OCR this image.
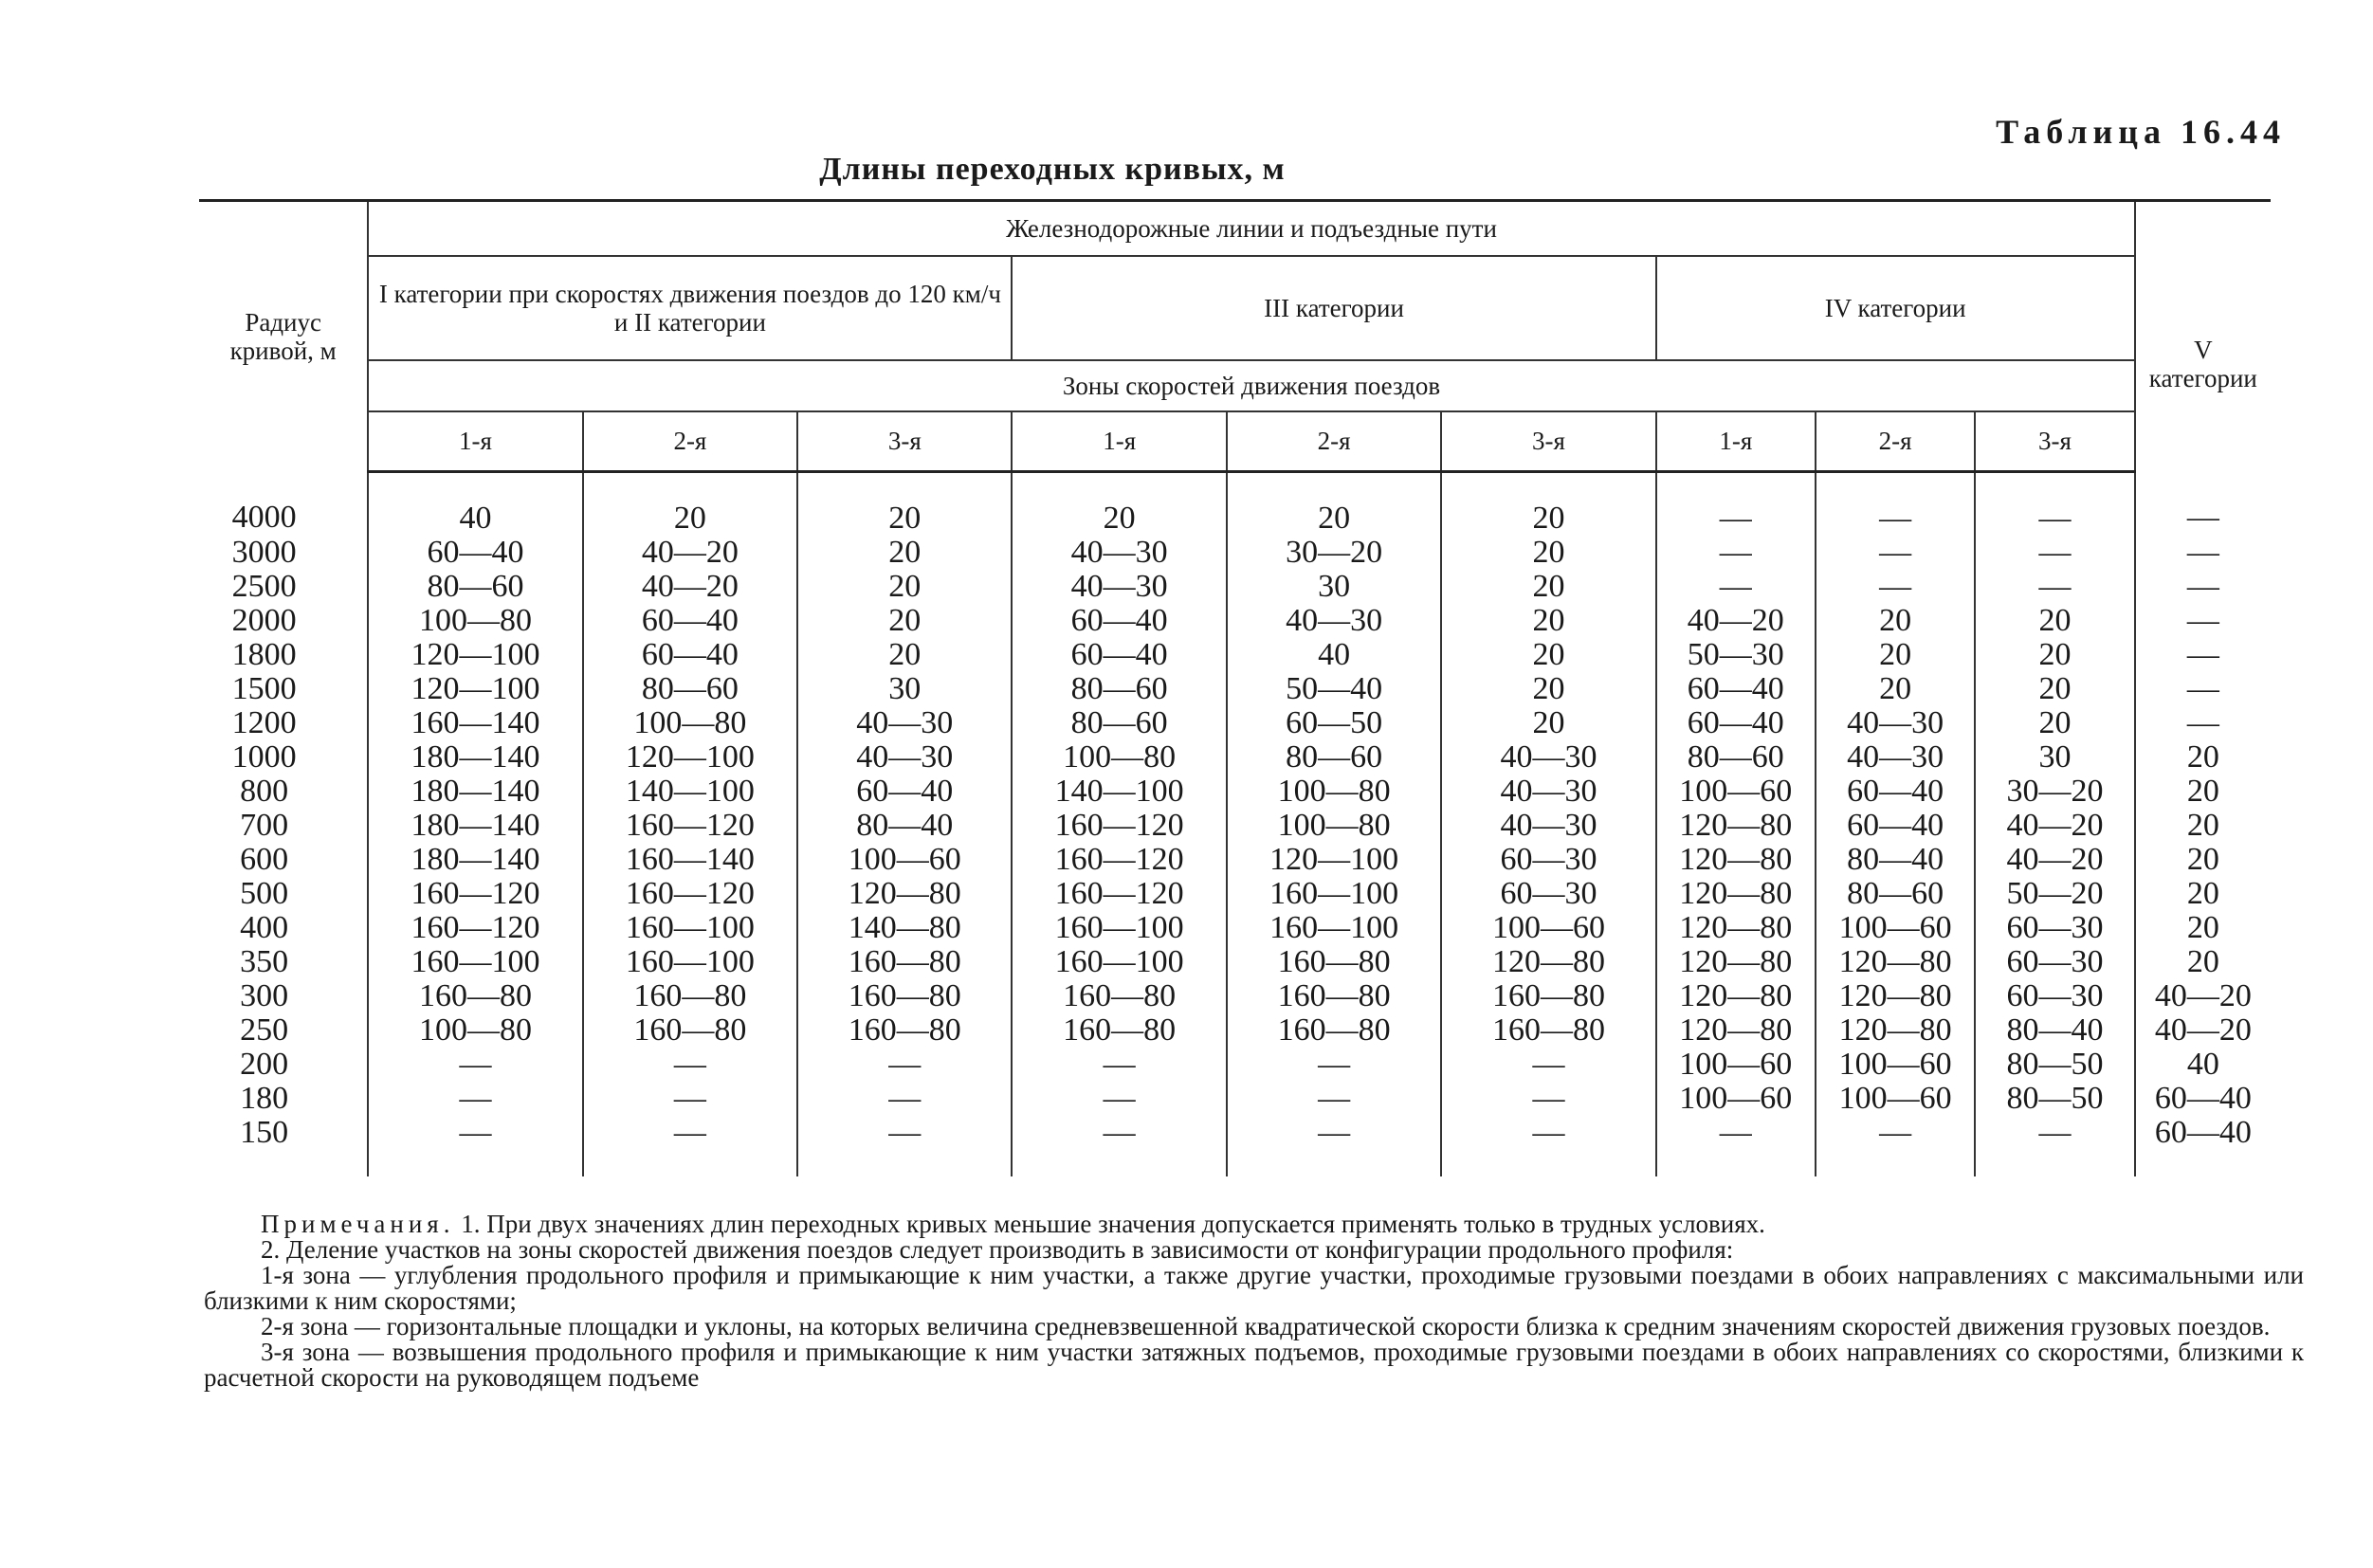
Таблица 16.44
Длины переходных кривых, м
Радиус кривой, м	Железнодорожные линии и подъездные пути									
	I категории при скоростях движения поездов до 120 км/ч и II категории			III категории			IV категории			V категории
	Зоны скоростей движения поездов									
	1-я	2-я	3-я	1-я	2-я	3-я	1-я	2-я	3-я	
4000	40	20	20	20	20	20	—	—	—	—
3000	60—40	40—20	20	40—30	30—20	20	—	—	—	—
2500	80—60	40—20	20	40—30	30	20	—	—	—	—
2000	100—80	60—40	20	60—40	40—30	20	40—20	20	20	—
1800	120—100	60—40	20	60—40	40	20	50—30	20	20	—
1500	120—100	80—60	30	80—60	50—40	20	60—40	20	20	—
1200	160—140	100—80	40—30	80—60	60—50	20	60—40	40—30	20	—
1000	180—140	120—100	40—30	100—80	80—60	40—30	80—60	40—30	30	20
800	180—140	140—100	60—40	140—100	100—80	40—30	100—60	60—40	30—20	20
700	180—140	160—120	80—40	160—120	100—80	40—30	120—80	60—40	40—20	20
600	180—140	160—140	100—60	160—120	120—100	60—30	120—80	80—40	40—20	20
500	160—120	160—120	120—80	160—120	160—100	60—30	120—80	80—60	50—20	20
400	160—120	160—100	140—80	160—100	160—100	100—60	120—80	100—60	60—30	20
350	160—100	160—100	160—80	160—100	160—80	120—80	120—80	120—80	60—30	20
300	160—80	160—80	160—80	160—80	160—80	160—80	120—80	120—80	60—30	40—20
250	100—80	160—80	160—80	160—80	160—80	160—80	120—80	120—80	80—40	40—20
200	—	—	—	—	—	—	100—60	100—60	80—50	40
180	—	—	—	—	—	—	100—60	100—60	80—50	60—40
150	—	—	—	—	—	—	—	—	—	60—40

Примечания. 1. При двух значениях длин переходных кривых меньшие значения допускается применять только в трудных условиях.

2. Деление участков на зоны скоростей движения поездов следует производить в зависимости от конфигурации продольного профиля:

1-я зона — углубления продольного профиля и примыкающие к ним участки, а также другие участки, проходимые грузовыми поездами в обоих направлениях с максимальными или близкими к ним скоростями;

2-я зона — горизонтальные площадки и уклоны, на которых величина средневзвешенной квадратической скорости близка к средним значениям скоростей движения грузовых поездов.

3-я зона — возвышения продольного профиля и примыкающие к ним участки затяжных подъемов, проходимые грузовыми поездами в обоих направлениях со скоростями, близкими к расчетной скорости на руководящем подъеме
